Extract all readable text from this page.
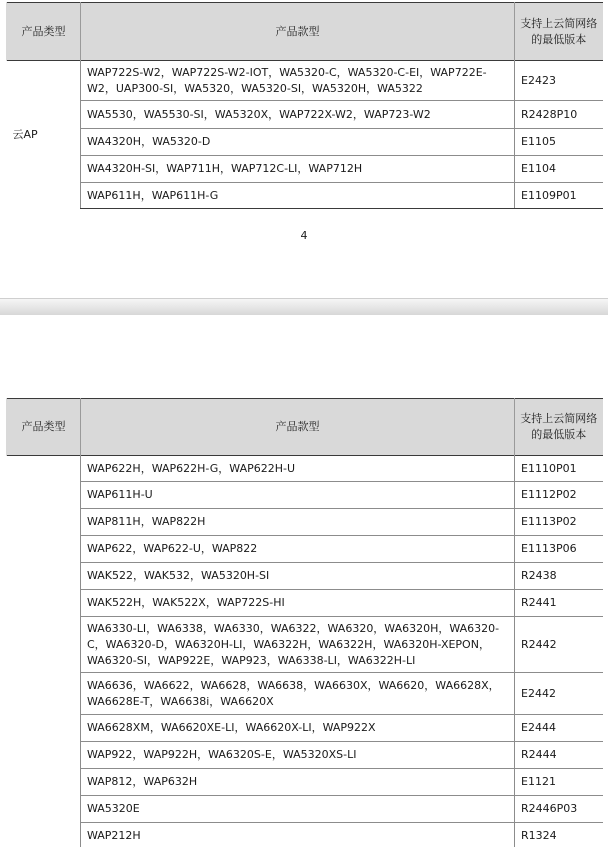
产品类型	产品款型	支持上云简网络的最低版本
云AP	WAP722S-W2，WAP722S-W2-IOT，WA5320-C，WA5320-C-EI，WAP722E-W2，UAP300-SI，WA5320，WA5320-SI，WA5320H，WA5322	E2423
	WA5530，WA5530-SI，WA5320X，WAP722X-W2，WAP723-W2	R2428P10
	WA4320H，WA5320-D	E1105
	WA4320H-SI，WAP711H，WAP712C-LI，WAP712H	E1104
	WAP611H，WAP611H-G	E1109P01
4
产品类型	产品款型	支持上云简网络的最低版本
	WAP622H，WAP622H-G，WAP622H-U	E1110P01
	WAP611H-U	E1112P02
	WAP811H，WAP822H	E1113P02
	WAP622，WAP622-U，WAP822	E1113P06
	WAK522，WAK532，WA5320H-SI	R2438
	WAK522H，WAK522X，WAP722S-HI	R2441
	WA6330-LI，WA6338，WA6330，WA6322，WA6320，WA6320H，WA6320-C，WA6320-D，WA6320H-LI，WA6322H，WA6322H，WA6320H-XEPON，WA6320-SI，WAP922E，WAP923，WA6338-LI，WA6322H-LI	R2442
	WA6636，WA6622，WA6628，WA6638，WA6630X，WA6620，WA6628X，WA6628E-T，WA6638i，WA6620X	E2442
	WA6628XM，WA6620XE-LI，WA6620X-LI，WAP922X	E2444
	WAP922，WAP922H，WA6320S-E，WA5320XS-LI	R2444
	WAP812，WAP632H	E1121
	WA5320E	R2446P03
	WAP212H	R1324
